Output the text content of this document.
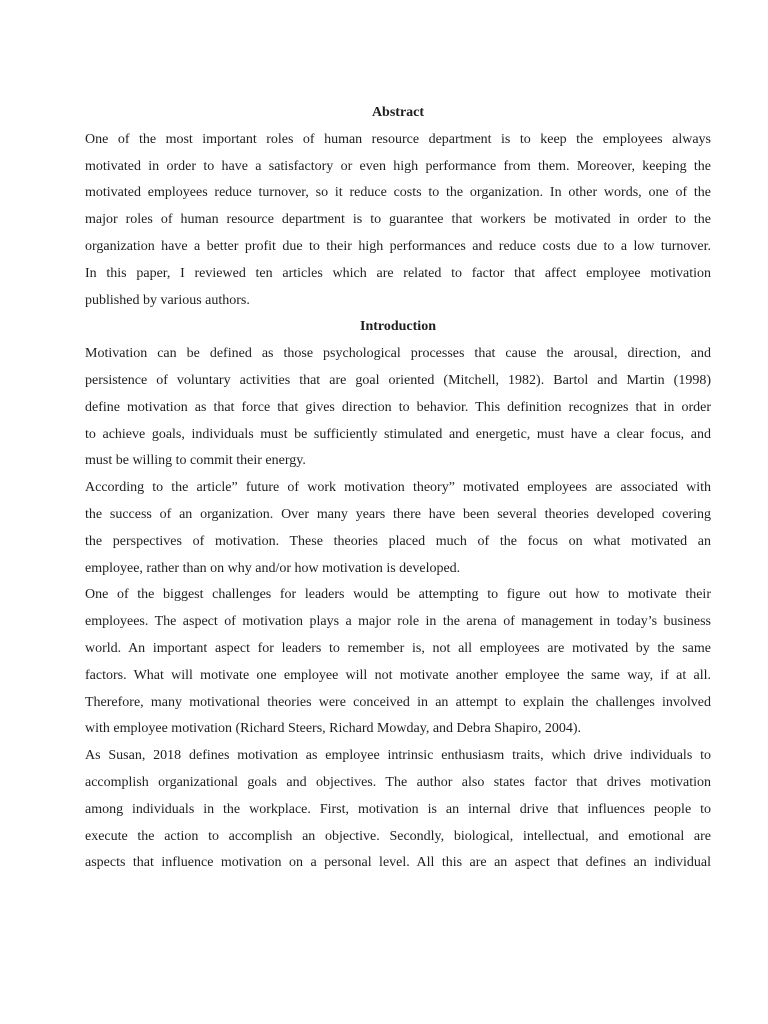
Abstract
One of the most important roles of human resource department is to keep the employees always
motivated in order to have a satisfactory or even high performance from them. Moreover, keeping the
motivated employees reduce turnover, so it reduce costs to the organization. In other words, one of the
major roles of human resource department is to guarantee that workers be motivated in order to the
organization have a better profit due to their high performances and reduce costs due to a low turnover.
In this paper, I reviewed ten articles which are related to factor that affect employee motivation
published by various authors.
Introduction
Motivation can be defined as those psychological processes that cause the arousal, direction, and
persistence of voluntary activities that are goal oriented (Mitchell, 1982). Bartol and Martin (1998)
define motivation as that force that gives direction to behavior. This definition recognizes that in order
to achieve goals, individuals must be sufficiently stimulated and energetic, must have a clear focus, and
must be willing to commit their energy.
According to the article” future of work motivation theory” motivated employees are associated with
the success of an organization. Over many years there have been several theories developed covering
the perspectives of motivation. These theories placed much of the focus on what motivated an
employee, rather than on why and/or how motivation is developed.
One of the biggest challenges for leaders would be attempting to figure out how to motivate their
employees. The aspect of motivation plays a major role in the arena of management in today’s business
world. An important aspect for leaders to remember is, not all employees are motivated by the same
factors. What will motivate one employee will not motivate another employee the same way, if at all.
Therefore, many motivational theories were conceived in an attempt to explain the challenges involved
with employee motivation (Richard Steers, Richard Mowday, and Debra Shapiro, 2004).
As Susan, 2018 defines motivation as employee intrinsic enthusiasm traits, which drive individuals to
accomplish organizational goals and objectives. The author also states factor that drives motivation
among individuals in the workplace. First, motivation is an internal drive that influences people to
execute the action to accomplish an objective. Secondly, biological, intellectual, and emotional are
aspects that influence motivation on a personal level. All this are an aspect that defines an individual
